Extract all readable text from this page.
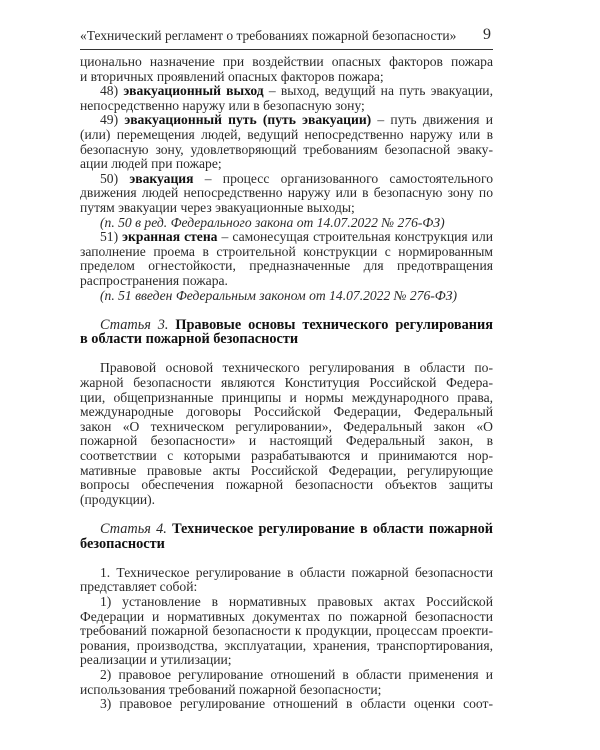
«Технический регламент о требованиях пожарной безопасности» 9
ционально назначение при воздействии опасных факторов пожара
и вторичных проявлений опасных факторов пожара;
48) эвакуационный выход – выход, ведущий на путь эвакуации,
непосредственно наружу или в безопасную зону;
49) эвакуационный путь (путь эвакуации) – путь движения и
(или) перемещения людей, ведущий непосредственно наружу или в
безопасную зону, удовлетворяющий требованиям безопасной эваку-
ации людей при пожаре;
50) эвакуация – процесс организованного самостоятельного
движения людей непосредственно наружу или в безопасную зону по
путям эвакуации через эвакуационные выходы;
(п. 50 в ред. Федерального закона от 14.07.2022 № 276-ФЗ)
51) экранная стена – самонесущая строительная конструкция или
заполнение проема в строительной конструкции с нормированным
пределом огнестойкости, предназначенные для предотвращения
распространения пожара.
(п. 51 введен Федеральным законом от 14.07.2022 № 276-ФЗ)
Статья 3. Правовые основы технического регулирования
в области пожарной безопасности
Правовой основой технического регулирования в области по-
жарной безопасности являются Конституция Российской Федера-
ции, общепризнанные принципы и нормы международного права,
международные договоры Российской Федерации, Федеральный
закон «О техническом регулировании», Федеральный закон «О
пожарной безопасности» и настоящий Федеральный закон, в
соответствии с которыми разрабатываются и принимаются нор-
мативные правовые акты Российской Федерации, регулирующие
вопросы обеспечения пожарной безопасности объектов защиты
(продукции).
Статья 4. Техническое регулирование в области пожарной
безопасности
1. Техническое регулирование в области пожарной безопасности
представляет собой:
1) установление в нормативных правовых актах Российской
Федерации и нормативных документах по пожарной безопасности
требований пожарной безопасности к продукции, процессам проекти-
рования, производства, эксплуатации, хранения, транспортирования,
реализации и утилизации;
2) правовое регулирование отношений в области применения и
использования требований пожарной безопасности;
3) правовое регулирование отношений в области оценки соот-
